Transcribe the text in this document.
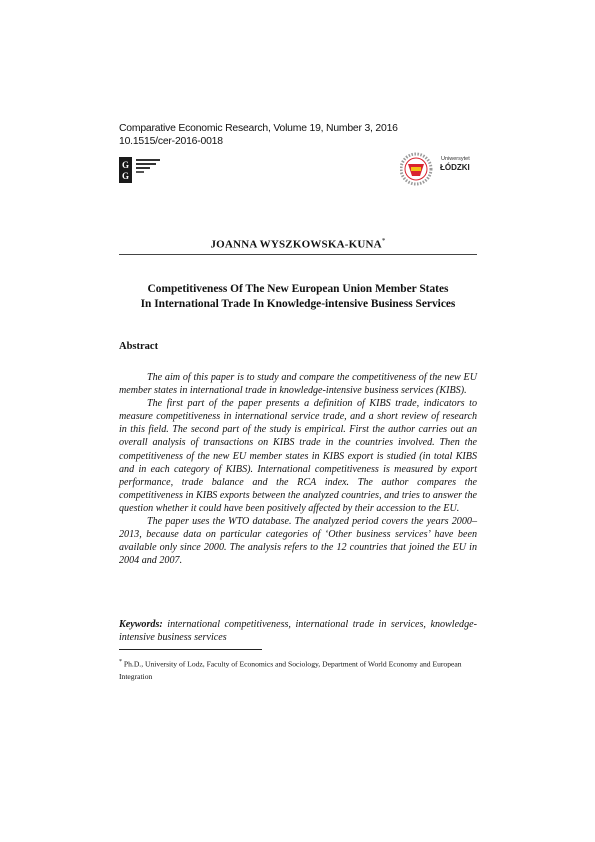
Comparative Economic Research, Volume 19, Number 3, 2016
10.1515/cer-2016-0018
G
G
Uniwersytet
ŁÓDZKI
JOANNA WYSZKOWSKA-KUNA*
Competitiveness Of The New European Union Member States
In International Trade In Knowledge-intensive Business Services
Abstract

The aim of this paper is to study and compare the competitiveness of the new EU member states in international trade in knowledge-intensive business services (KIBS).

The first part of the paper presents a definition of KIBS trade, indicators to measure competitiveness in international service trade, and a short review of research in this field. The second part of the study is empirical. First the author carries out an overall analysis of transactions on KIBS trade in the countries involved. Then the competitiveness of the new EU member states in KIBS export is studied (in total KIBS and in each category of KIBS). International competitiveness is measured by export performance, trade balance and the RCA index. The author compares the competitiveness in KIBS exports between the analyzed countries, and tries to answer the question whether it could have been positively affected by their accession to the EU.

The paper uses the WTO database. The analyzed period covers the years 2000–2013, because data on particular categories of ‘Other business services’ have been available only since 2000. The analysis refers to the 12 countries that joined the EU in 2004 and 2007.

Keywords: international competitiveness, international trade in services, knowledge-intensive business services
* Ph.D., University of Lodz, Faculty of Economics and Sociology, Department of World Economy and European Integration
